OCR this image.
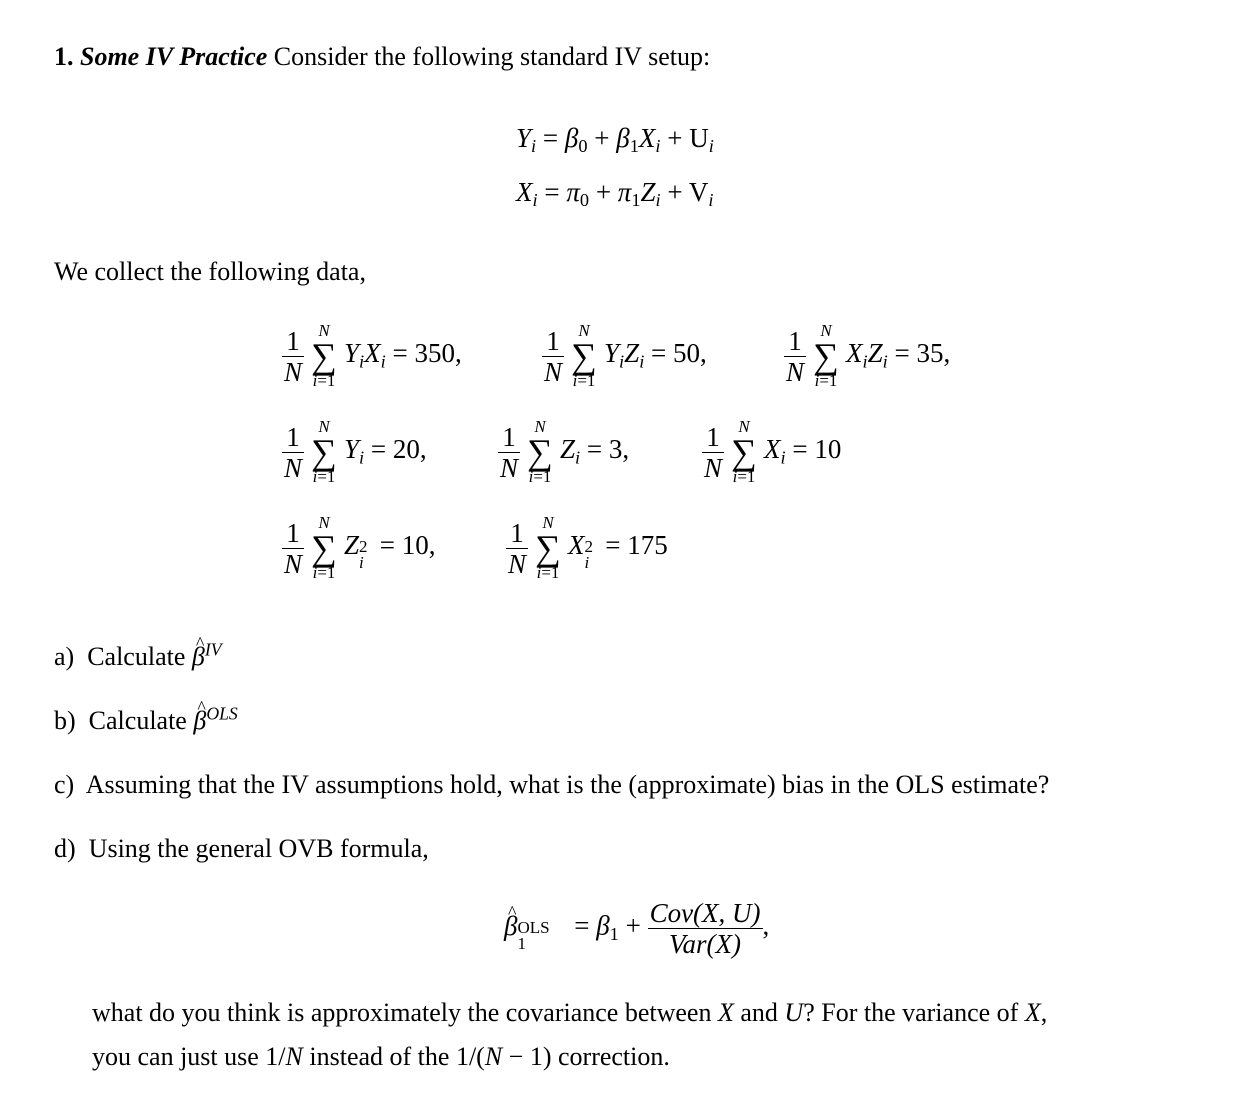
1. Some IV Practice Consider the following standard IV setup:
$Y_i = \beta_0 + \beta_1X_i + U_i$
$X_i = \pi_0 + \pi_1Z_i + V_i$
We collect the following data,
$\frac{1}{N}$ N
∑
i=1
$Y_iX_i = 350$,	$\frac{1}{N}$ N
∑
i=1
$Y_iZ_i = 50$,	$\frac{1}{N}$ N
∑
i=1
$X_iZ_i = 35$,
$\frac{1}{N}$ N
∑
i=1
$Y_i = 20$,	$\frac{1}{N}$ N
∑
i=1
$Z_i = 3$,	$\frac{1}{N}$ N
∑
i=1
$X_i = 10$
$\frac{1}{N}$ N
∑
i=1
Z 2
i
= 10,	$\frac{1}{N}$ N
∑
i=1
X 2
i
= 175
a) Calculate ^ $\beta^{IV}$
b) Calculate ^ $\beta^{OLS}$
c) Assuming that the IV assumptions hold, what is the (approximate) bias in the OLS estimate?
d) Using the general OVB formula,
^ β OLS
1
= $\beta_1 + \frac{\text{Cov(X, U)}}{\text{Var(X)}}$ ,
what do you think is approximately the covariance between X and U? For the variance of X,
you can just use 1/N instead of the 1/(N − 1) correction.
